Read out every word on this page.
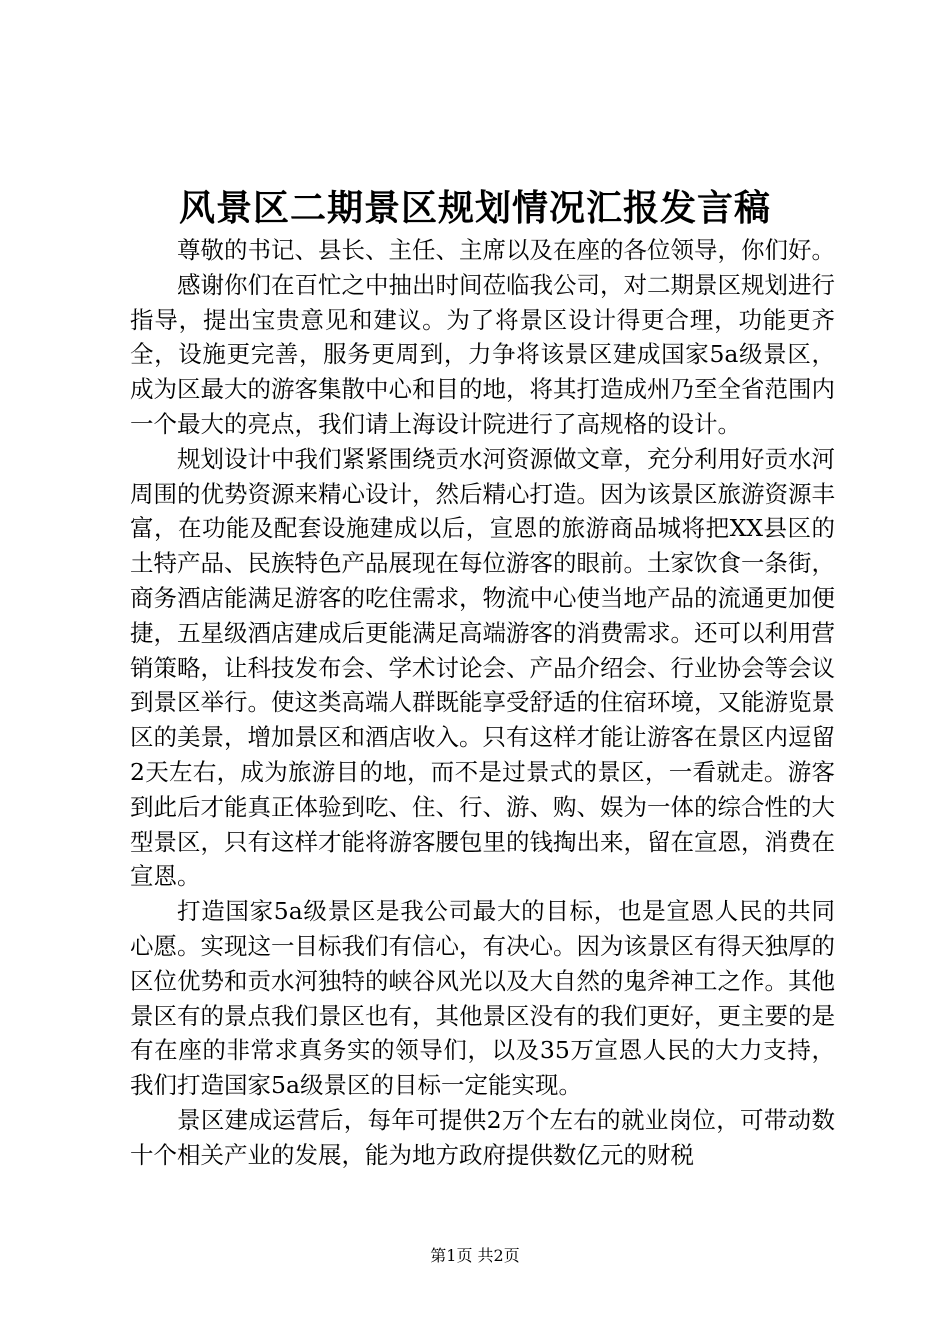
风景区二期景区规划情况汇报发言稿

尊敬的书记、县长、主任、主席以及在座的各位领导，你们好。

感谢你们在百忙之中抽出时间莅临我公司，对二期景区规划进行指导，提出宝贵意见和建议。为了将景区设计得更合理，功能更齐全，设施更完善，服务更周到，力争将该景区建成国家5a级景区，成为区最大的游客集散中心和目的地，将其打造成州乃至全省范围内一个最大的亮点，我们请上海设计院进行了高规格的设计。

规划设计中我们紧紧围绕贡水河资源做文章，充分利用好贡水河周围的优势资源来精心设计，然后精心打造。因为该景区旅游资源丰富，在功能及配套设施建成以后，宣恩的旅游商品城将把XX县区的土特产品、民族特色产品展现在每位游客的眼前。土家饮食一条街，商务酒店能满足游客的吃住需求，物流中心使当地产品的流通更加便捷，五星级酒店建成后更能满足高端游客的消费需求。还可以利用营销策略，让科技发布会、学术讨论会、产品介绍会、行业协会等会议到景区举行。使这类高端人群既能享受舒适的住宿环境，又能游览景区的美景，增加景区和酒店收入。只有这样才能让游客在景区内逗留2天左右，成为旅游目的地，而不是过景式的景区，一看就走。游客到此后才能真正体验到吃、住、行、游、购、娱为一体的综合性的大型景区，只有这样才能将游客腰包里的钱掏出来，留在宣恩，消费在宣恩。

打造国家5a级景区是我公司最大的目标，也是宣恩人民的共同心愿。实现这一目标我们有信心，有决心。因为该景区有得天独厚的区位优势和贡水河独特的峡谷风光以及大自然的鬼斧神工之作。其他景区有的景点我们景区也有，其他景区没有的我们更好，更主要的是有在座的非常求真务实的领导们，以及35万宣恩人民的大力支持，我们打造国家5a级景区的目标一定能实现。

景区建成运营后，每年可提供2万个左右的就业岗位，可带动数十个相关产业的发展，能为地方政府提供数亿元的财税

第1页 共2页
